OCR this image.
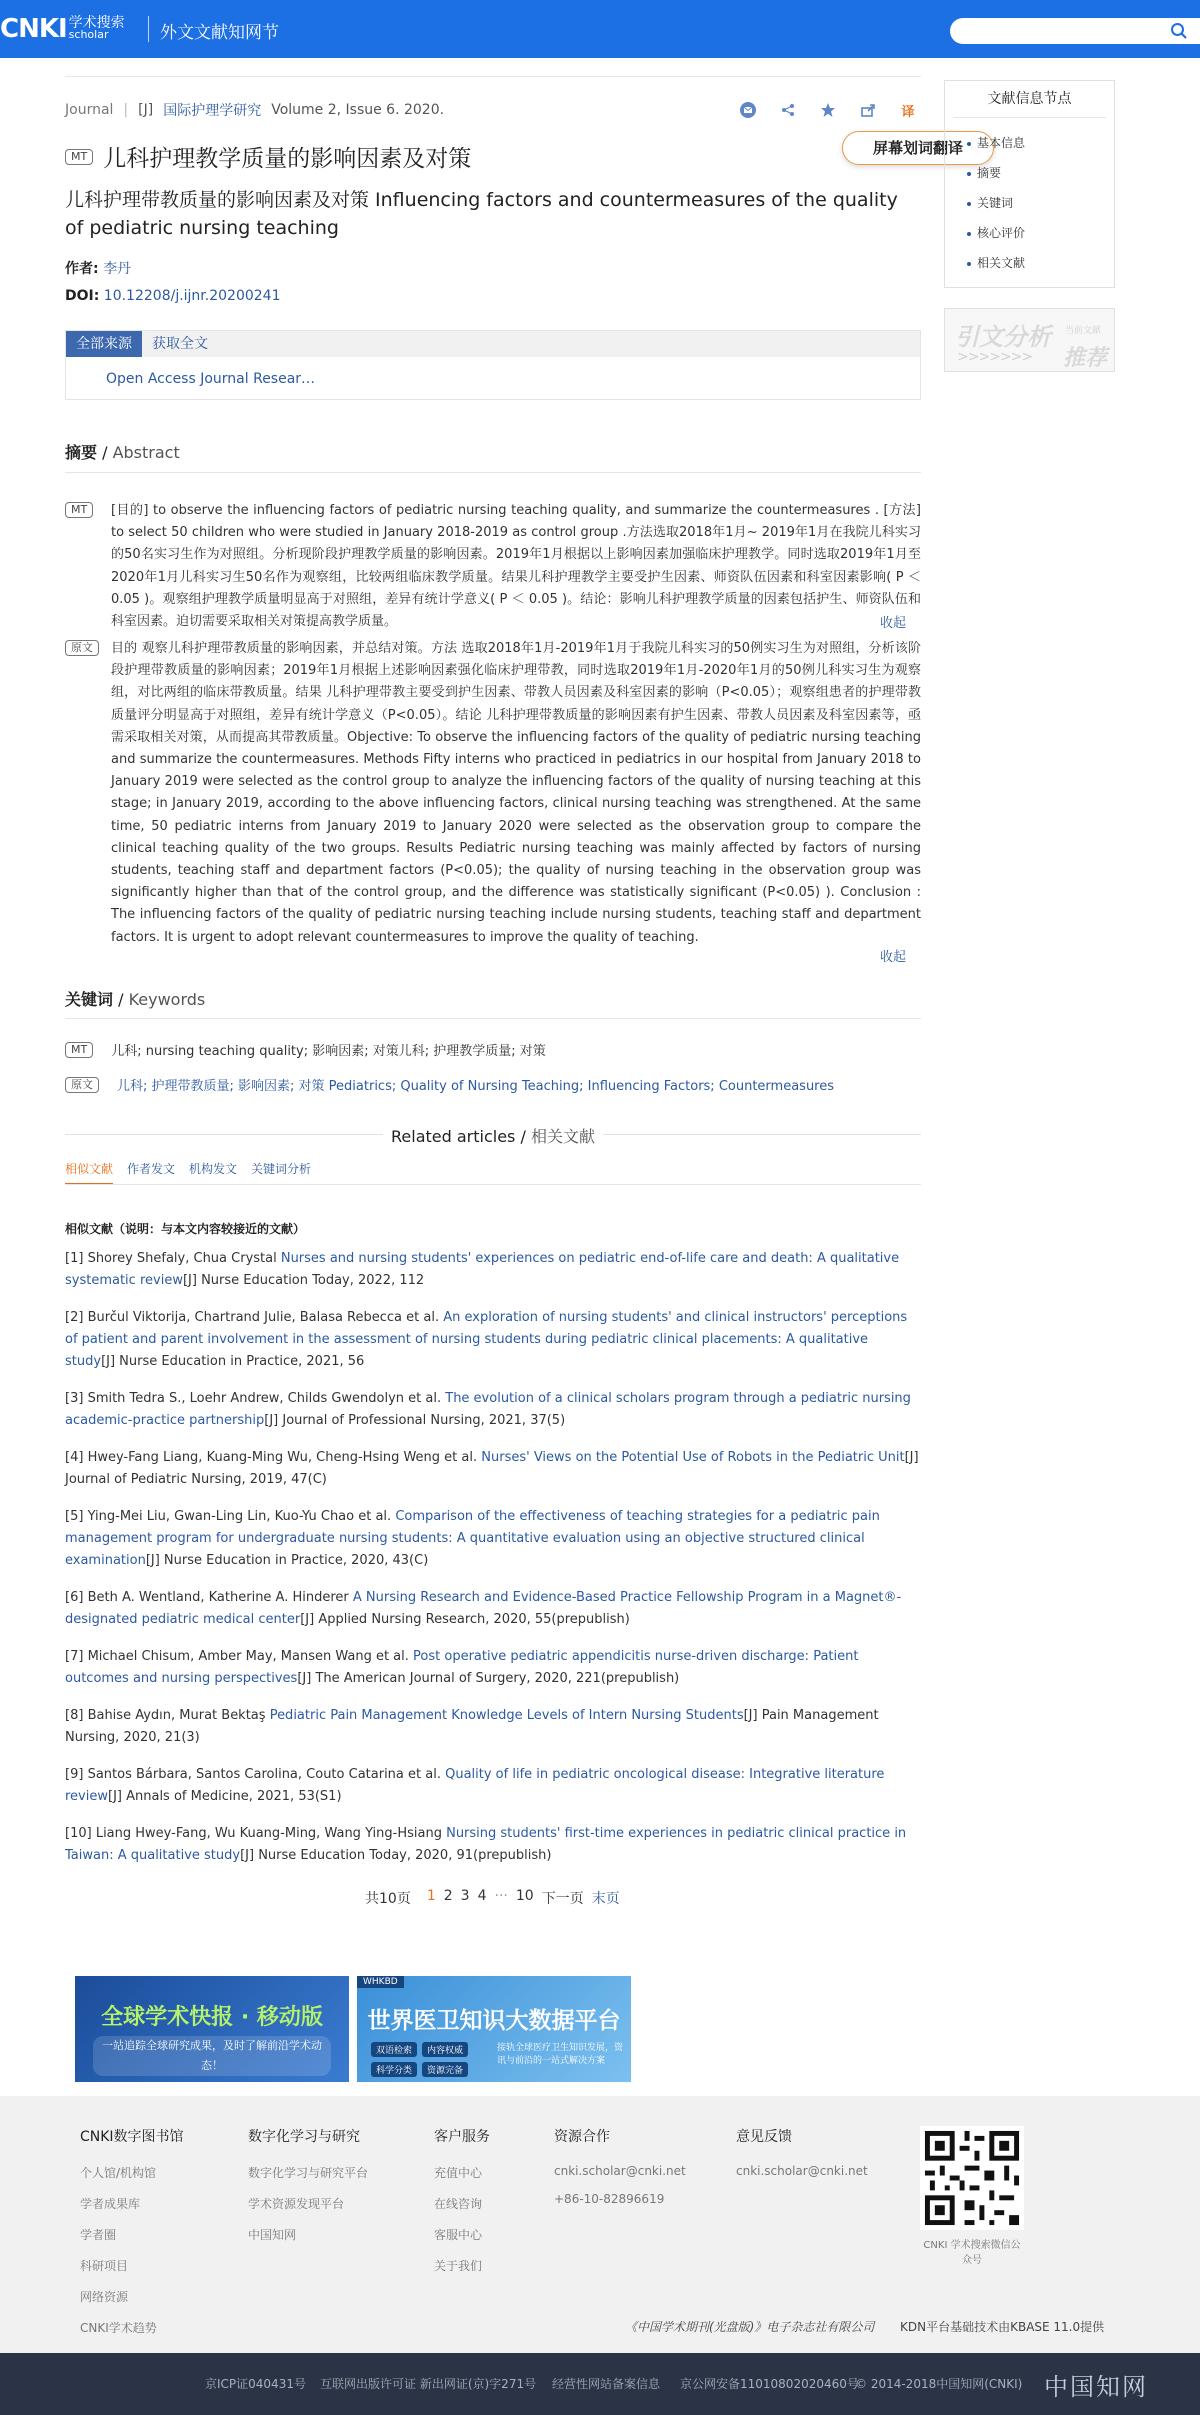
CNKI 学术搜索
scholar	外文文献知网节
Journal | [J] 国际护理学研究 Volume 2, Issue 6. 2020.	译
屏幕划词翻译
MT 儿科护理教学质量的影响因素及对策
儿科护理带教质量的影响因素及对策 Influencing factors and countermeasures of the quality of pediatric nursing teaching
作者: 李丹
DOI: 10.12208/j.ijnr.20200241
全部来源	获取全文
Open Access Journal Resear…
摘要 / Abstract
MT	[目的] to observe the influencing factors of pediatric nursing teaching quality, and summarize the countermeasures . [方法] to select 50 children who were studied in January 2018-2019 as control group .方法选取2018年1月~ 2019年1月在我院儿科实习的50名实习生作为对照组。分析现阶段护理教学质量的影响因素。2019年1月根据以上影响因素加强临床护理教学。同时选取2019年1月至2020年1月儿科实习生50名作为观察组，比较两组临床教学质量。结果儿科护理教学主要受护生因素、师资队伍因素和科室因素影响( P ＜ 0.05 )。观察组护理教学质量明显高于对照组，差异有统计学意义( P ＜ 0.05 )。结论：影响儿科护理教学质量的因素包括护生、师资队伍和科室因素。迫切需要采取相关对策提高教学质量。	收起
原文	目的 观察儿科护理带教质量的影响因素，并总结对策。方法 选取2018年1月-2019年1月于我院儿科实习的50例实习生为对照组，分析该阶段护理带教质量的影响因素；2019年1月根据上述影响因素强化临床护理带教，同时选取2019年1月-2020年1月的50例儿科实习生为观察组，对比两组的临床带教质量。结果 儿科护理带教主要受到护生因素、带教人员因素及科室因素的影响（P<0.05）；观察组患者的护理带教质量评分明显高于对照组，差异有统计学意义（P<0.05）。结论 儿科护理带教质量的影响因素有护生因素、带教人员因素及科室因素等，亟需采取相关对策，从而提高其带教质量。Objective: To observe the influencing factors of the quality of pediatric nursing teaching and summarize the countermeasures. Methods Fifty interns who practiced in pediatrics in our hospital from January 2018 to January 2019 were selected as the control group to analyze the influencing factors of the quality of nursing teaching at this stage; in January 2019, according to the above influencing factors, clinical nursing teaching was strengthened. At the same time, 50 pediatric interns from January 2019 to January 2020 were selected as the observation group to compare the clinical teaching quality of the two groups. Results Pediatric nursing teaching was mainly affected by factors of nursing students, teaching staff and department factors (P<0.05); the quality of nursing teaching in the observation group was significantly higher than that of the control group, and the difference was statistically significant (P<0.05) ). Conclusion : The influencing factors of the quality of pediatric nursing teaching include nursing students, teaching staff and department factors. It is urgent to adopt relevant countermeasures to improve the quality of teaching.
收起
关键词 / Keywords
MT	儿科; nursing teaching quality; 影响因素; 对策儿科; 护理教学质量; 对策
原文	儿科; 护理带教质量; 影响因素; 对策 Pediatrics; Quality of Nursing Teaching; Influencing Factors; Countermeasures
Related articles / 相关文献
相似文献 作者发文 机构发文 关键词分析
相似文献（说明：与本文内容较接近的文献）
[1] Shorey Shefaly, Chua Crystal Nurses and nursing students' experiences on pediatric end-of-life care and death: A qualitative systematic review[J] Nurse Education Today, 2022, 112
[2] Burčul Viktorija, Chartrand Julie, Balasa Rebecca et al. An exploration of nursing students' and clinical instructors' perceptions of patient and parent involvement in the assessment of nursing students during pediatric clinical placements: A qualitative study[J] Nurse Education in Practice, 2021, 56
[3] Smith Tedra S., Loehr Andrew, Childs Gwendolyn et al. The evolution of a clinical scholars program through a pediatric nursing academic-practice partnership[J] Journal of Professional Nursing, 2021, 37(5)
[4] Hwey-Fang Liang, Kuang-Ming Wu, Cheng-Hsing Weng et al. Nurses' Views on the Potential Use of Robots in the Pediatric Unit[J] Journal of Pediatric Nursing, 2019, 47(C)
[5] Ying-Mei Liu, Gwan-Ling Lin, Kuo-Yu Chao et al. Comparison of the effectiveness of teaching strategies for a pediatric pain management program for undergraduate nursing students: A quantitative evaluation using an objective structured clinical examination[J] Nurse Education in Practice, 2020, 43(C)
[6] Beth A. Wentland, Katherine A. Hinderer A Nursing Research and Evidence-Based Practice Fellowship Program in a Magnet®-designated pediatric medical center[J] Applied Nursing Research, 2020, 55(prepublish)
[7] Michael Chisum, Amber May, Mansen Wang et al. Post operative pediatric appendicitis nurse-driven discharge: Patient outcomes and nursing perspectives[J] The American Journal of Surgery, 2020, 221(prepublish)
[8] Bahise Aydın, Murat Bektaş Pediatric Pain Management Knowledge Levels of Intern Nursing Students[J] Pain Management Nursing, 2020, 21(3)
[9] Santos Bárbara, Santos Carolina, Couto Catarina et al. Quality of life in pediatric oncological disease: Integrative literature review[J] Annals of Medicine, 2021, 53(S1)
[10] Liang Hwey-Fang, Wu Kuang-Ming, Wang Ying-Hsiang Nursing students' first-time experiences in pediatric clinical practice in Taiwan: A qualitative study[J] Nurse Education Today, 2020, 91(prepublish)
共10页 1 2 3 4 ··· 10 下一页 末页
全球学术快报 · 移动版
一站追踪全球研究成果，及时了解前沿学术动态！
WHKBD
世界医卫知识大数据平台
双语检索	内容权威
科学分类	资源完备
接轨全球医疗卫生知识发展，资讯与前沿的一站式解决方案
CNKI数字图书馆
个人馆/机构馆
学者成果库
学者圈
科研项目
网络资源
CNKI学术趋势
数字化学习与研究
数字化学习与研究平台
学术资源发现平台
中国知网
客户服务
充值中心
在线咨询
客服中心
关于我们
资源合作
cnki.scholar@cnki.net
+86-10-82896619
意见反馈
cnki.scholar@cnki.net
CNKI 学术搜索微信公众号
《中国学术期刊(光盘版)》电子杂志社有限公司 KDN平台基础技术由KBASE 11.0提供
京ICP证040431号 互联网出版许可证 新出网证(京)字271号 经营性网站备案信息 京公网安备11010802020460号
© 2014-2018中国知网(CNKI) 中国知网
文献信息节点
基本信息
摘要
关键词
核心评价
相关文献
引文分析 当前文献
推荐
>>>>>>>
